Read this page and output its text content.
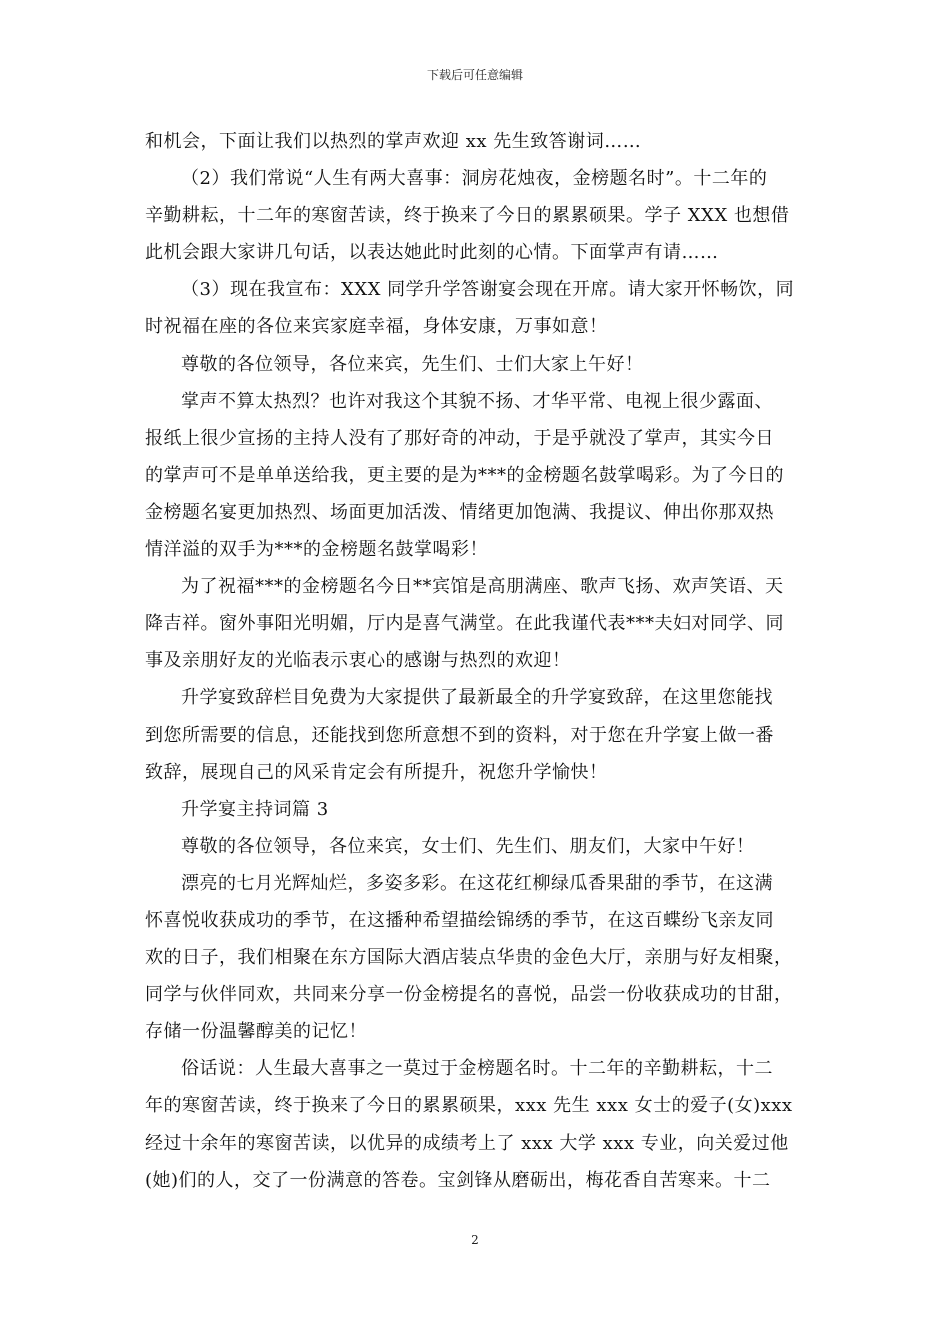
下载后可任意编辑
和机会，下面让我们以热烈的掌声欢迎 xx 先生致答谢词……
（2）我们常说“人生有两大喜事：洞房花烛夜，金榜题名时”。十二年的
辛勤耕耘，十二年的寒窗苦读，终于换来了今日的累累硕果。学子 XXX 也想借
此机会跟大家讲几句话，以表达她此时此刻的心情。下面掌声有请……
（3）现在我宣布：XXX 同学升学答谢宴会现在开席。请大家开怀畅饮，同
时祝福在座的各位来宾家庭幸福，身体安康，万事如意！
尊敬的各位领导，各位来宾，先生们、士们大家上午好！
掌声不算太热烈？也许对我这个其貌不扬、才华平常、电视上很少露面、
报纸上很少宣扬的主持人没有了那好奇的冲动，于是乎就没了掌声，其实今日
的掌声可不是单单送给我，更主要的是为***的金榜题名鼓掌喝彩。为了今日的
金榜题名宴更加热烈、场面更加活泼、情绪更加饱满、我提议、伸出你那双热
情洋溢的双手为***的金榜题名鼓掌喝彩！
为了祝福***的金榜题名今日**宾馆是高朋满座、歌声飞扬、欢声笑语、天
降吉祥。窗外事阳光明媚，厅内是喜气满堂。在此我谨代表***夫妇对同学、同
事及亲朋好友的光临表示衷心的感谢与热烈的欢迎！
升学宴致辞栏目免费为大家提供了最新最全的升学宴致辞，在这里您能找
到您所需要的信息，还能找到您所意想不到的资料，对于您在升学宴上做一番
致辞，展现自己的风采肯定会有所提升，祝您升学愉快！
升学宴主持词篇 3
尊敬的各位领导，各位来宾，女士们、先生们、朋友们，大家中午好！
漂亮的七月光辉灿烂，多姿多彩。在这花红柳绿瓜香果甜的季节，在这满
怀喜悦收获成功的季节，在这播种希望描绘锦绣的季节，在这百蝶纷飞亲友同
欢的日子，我们相聚在东方国际大酒店装点华贵的金色大厅，亲朋与好友相聚，
同学与伙伴同欢，共同来分享一份金榜提名的喜悦，品尝一份收获成功的甘甜，
存储一份温馨醇美的记忆！
俗话说：人生最大喜事之一莫过于金榜题名时。十二年的辛勤耕耘，十二
年的寒窗苦读，终于换来了今日的累累硕果，xxx 先生 xxx 女士的爱子(女)xxx
经过十余年的寒窗苦读，以优异的成绩考上了 xxx 大学 xxx 专业，向关爱过他
(她)们的人，交了一份满意的答卷。宝剑锋从磨砺出，梅花香自苦寒来。十二
2
